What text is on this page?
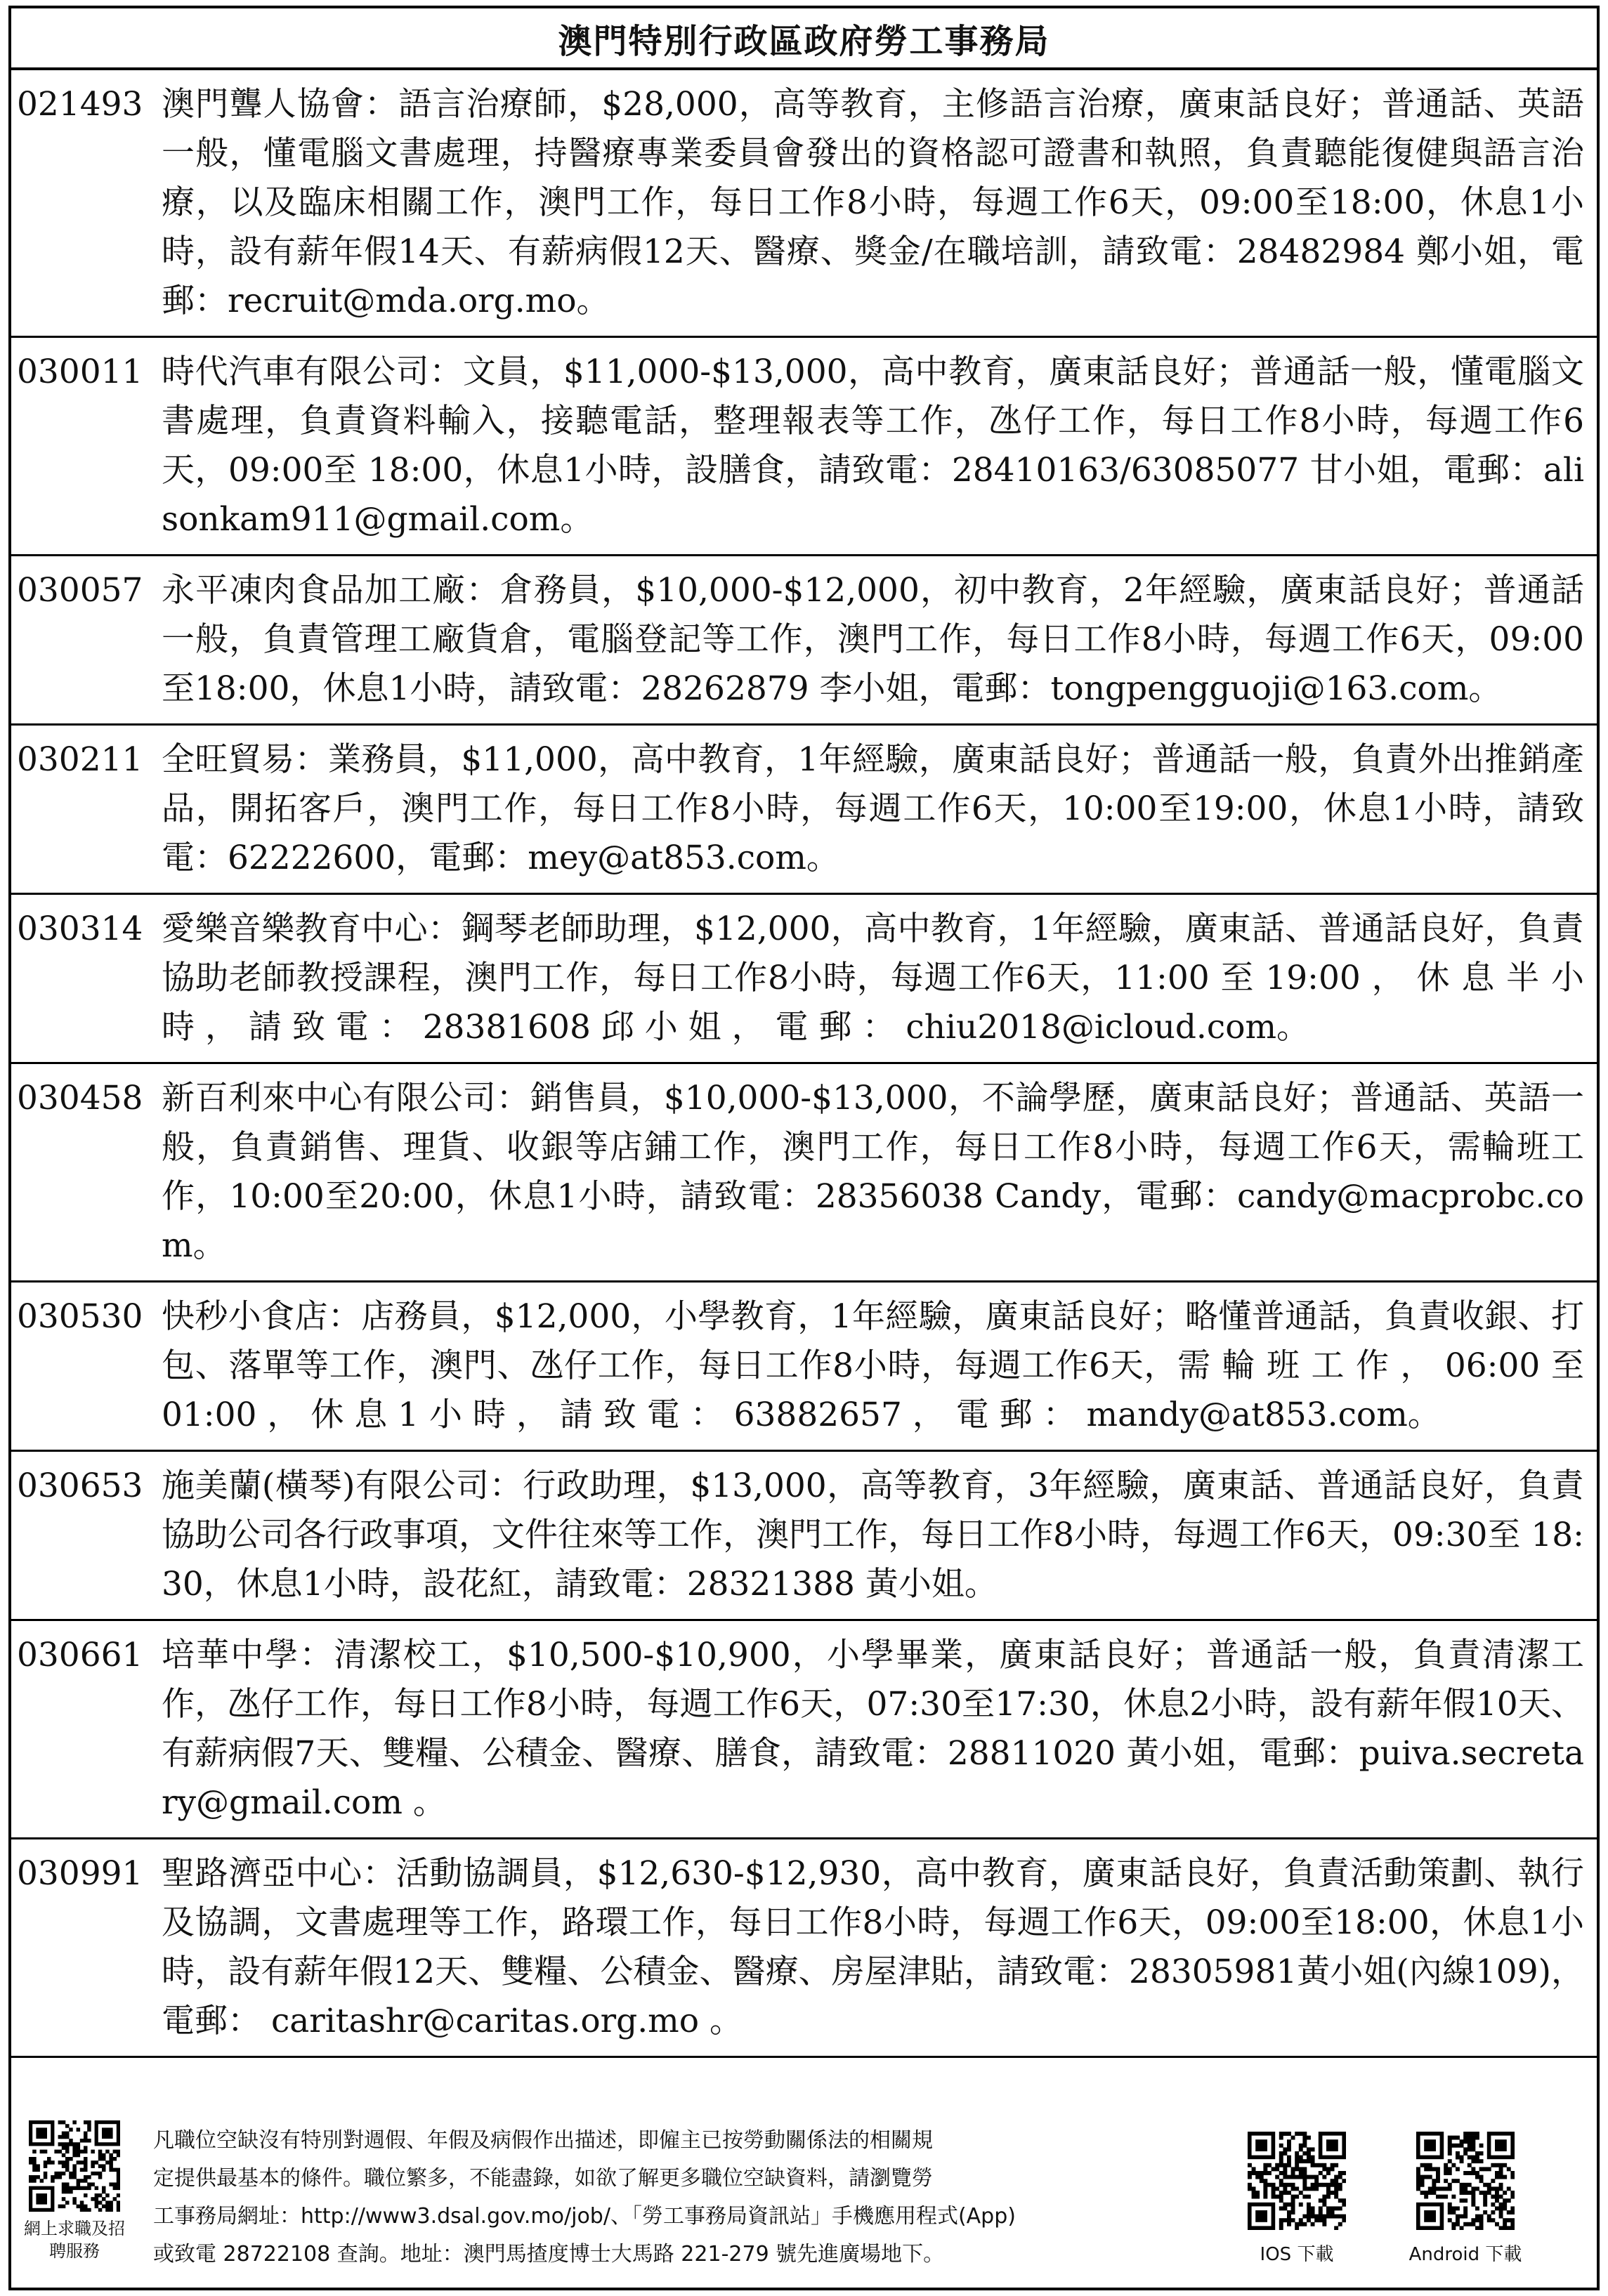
澳門特別行政區政府勞工事務局
021493 澳門聾人協會：語言治療師，$28,000，高等教育，主修語言治療，廣東話良好；普通話、英語一般，懂電腦文書處理，持醫療專業委員會發出的資格認可證書和執照，負責聽能復健與語言治療，以及臨床相關工作，澳門工作，每日工作8小時，每週工作6天，09:00至18:00，休息1小時，設有薪年假14天、有薪病假12天、醫療、獎金/在職培訓，請致電：28482984 鄭小姐，電郵：recruit@mda.org.mo。
030011 時代汽車有限公司：文員，$11,000-$13,000，高中教育，廣東話良好；普通話一般，懂電腦文書處理，負責資料輸入，接聽電話，整理報表等工作，氹仔工作，每日工作8小時，每週工作6天，09:00至 18:00，休息1小時，設膳食，請致電：28410163/63085077 甘小姐，電郵：alisonkam911@gmail.com。
030057 永平凍肉食品加工廠：倉務員，$10,000-$12,000，初中教育，2年經驗，廣東話良好；普通話一般，負責管理工廠貨倉，電腦登記等工作，澳門工作，每日工作8小時，每週工作6天，09:00至18:00，休息1小時，請致電：28262879 李小姐，電郵：tongpengguoji@163.com。
030211 全旺貿易：業務員，$11,000，高中教育，1年經驗，廣東話良好；普通話一般，負責外出推銷產品，開拓客戶，澳門工作，每日工作8小時，每週工作6天，10:00至19:00，休息1小時，請致電：62222600，電郵：mey@at853.com。
030314 愛樂音樂教育中心：鋼琴老師助理，$12,000，高中教育，1年經驗，廣東話、普通話良好，負責協助老師教授課程，澳門工作，每日工作8小時，每週工作6天，11:00 至 19:00 ， 休 息 半 小 時 ， 請 致 電 ： 28381608 邱 小 姐 ， 電 郵 ： chiu2018@icloud.com。
030458 新百利來中心有限公司：銷售員，$10,000-$13,000，不論學歷，廣東話良好；普通話、英語一般，負責銷售、理貨、收銀等店鋪工作，澳門工作，每日工作8小時，每週工作6天，需輪班工作，10:00至20:00，休息1小時，請致電：28356038 Candy，電郵：candy@macprobc.com。
030530 快秒小食店：店務員，$12,000，小學教育，1年經驗，廣東話良好；略懂普通話，負責收銀、打包、落單等工作，澳門、氹仔工作，每日工作8小時，每週工作6天，需 輪 班 工 作 ， 06:00 至 01:00 ， 休 息 1 小 時 ， 請 致 電 ： 63882657 ， 電 郵 ： mandy@at853.com。
030653 施美蘭(橫琴)有限公司：行政助理，$13,000，高等教育，3年經驗，廣東話、普通話良好，負責協助公司各行政事項，文件往來等工作，澳門工作，每日工作8小時，每週工作6天，09:30至 18:30，休息1小時，設花紅，請致電：28321388 黃小姐。
030661 培華中學：清潔校工，$10,500-$10,900，小學畢業，廣東話良好；普通話一般，負責清潔工作，氹仔工作，每日工作8小時，每週工作6天，07:30至17:30，休息2小時，設有薪年假10天、有薪病假7天、雙糧、公積金、醫療、膳食，請致電：28811020 黃小姐，電郵：puiva.secretary@gmail.com 。
030991 聖路濟亞中心：活動協調員，$12,630-$12,930，高中教育，廣東話良好，負責活動策劃、執行及協調，文書處理等工作，路環工作，每日工作8小時，每週工作6天，09:00至18:00，休息1小時，設有薪年假12天、雙糧、公積金、醫療、房屋津貼，請致電：28305981黃小姐(內線109)，電郵： caritashr@caritas.org.mo 。
網上求職及招聘服務
凡職位空缺沒有特別對週假、年假及病假作出描述，即僱主已按勞動關係法的相關規
定提供最基本的條件。職位繁多，不能盡錄，如欲了解更多職位空缺資料，請瀏覽勞
工事務局網址：http://www3.dsal.gov.mo/job/、「勞工事務局資訊站」手機應用程式(App)
或致電 28722108 查詢。地址：澳門馬揸度博士大馬路 221-279 號先進廣場地下。	IOS 下載	Android 下載
